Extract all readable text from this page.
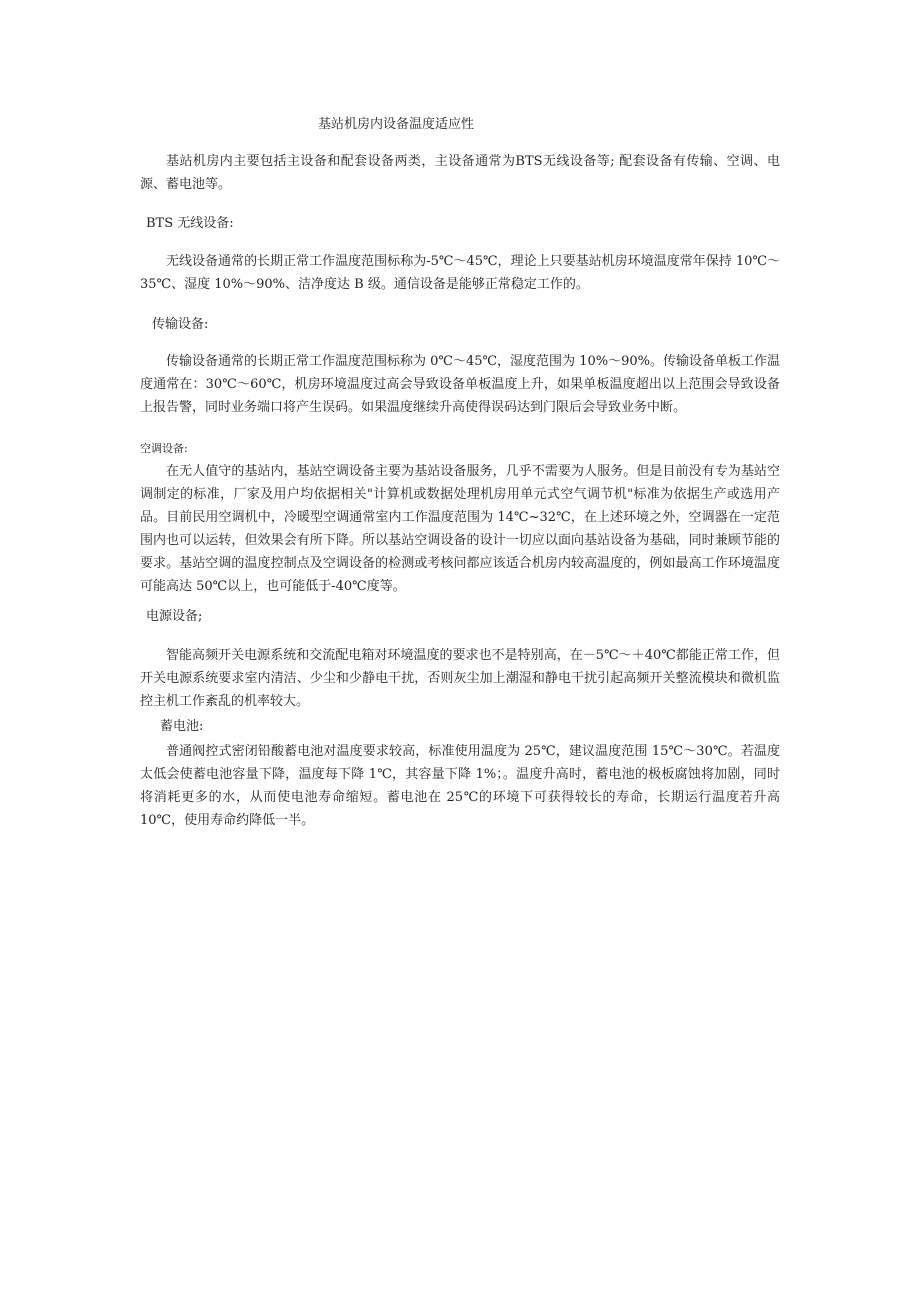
基站机房内设备温度适应性

基站机房内主要包括主设备和配套设备两类，主设备通常为BTS无线设备等; 配套设备有传输、空调、电源、蓄电池等。

BTS 无线设备:

无线设备通常的长期正常工作温度范围标称为-5℃～45℃，理论上只要基站机房环境温度常年保持 10℃～35℃、湿度 10%～90%、洁净度达 B 级。通信设备是能够正常稳定工作的。

传输设备:

传输设备通常的长期正常工作温度范围标称为 0℃～45℃，湿度范围为 10%～90%。传输设备单板工作温度通常在：30℃～60℃，机房环境温度过高会导致设备单板温度上升，如果单板温度超出以上范围会导致设备上报告警，同时业务端口将产生误码。如果温度继续升高使得误码达到门限后会导致业务中断。

空调设备:

在无人值守的基站内，基站空调设备主要为基站设备服务，几乎不需要为人服务。但是目前没有专为基站空调制定的标准，厂家及用户均依据相关"计算机或数据处理机房用单元式空气调节机"标准为依据生产或选用产品。目前民用空调机中，冷暖型空调通常室内工作温度范围为 14℃~32℃，在上述环境之外，空调器在一定范围内也可以运转，但效果会有所下降。所以基站空调设备的设计一切应以面向基站设备为基础，同时兼顾节能的要求。基站空调的温度控制点及空调设备的检测或考核问都应该适合机房内较高温度的，例如最高工作环境温度可能高达 50℃以上，也可能低于-40℃度等。

电源设备;

智能高频开关电源系统和交流配电箱对环境温度的要求也不是特别高，在－5℃～＋40℃都能正常工作，但开关电源系统要求室内清洁、少尘和少静电干扰，否则灰尘加上潮湿和静电干扰引起高频开关整流模块和微机监控主机工作紊乱的机率较大。

蓄电池:

普通阀控式密闭铅酸蓄电池对温度要求较高，标准使用温度为 25℃，建议温度范围 15℃～30℃。若温度太低会使蓄电池容量下降，温度每下降 1℃，其容量下降 1%；。温度升高时，蓄电池的极板腐蚀将加剧，同时将消耗更多的水，从而使电池寿命缩短。蓄电池在 25℃的环境下可获得较长的寿命，长期运行温度若升高 10℃，使用寿命约降低一半。
